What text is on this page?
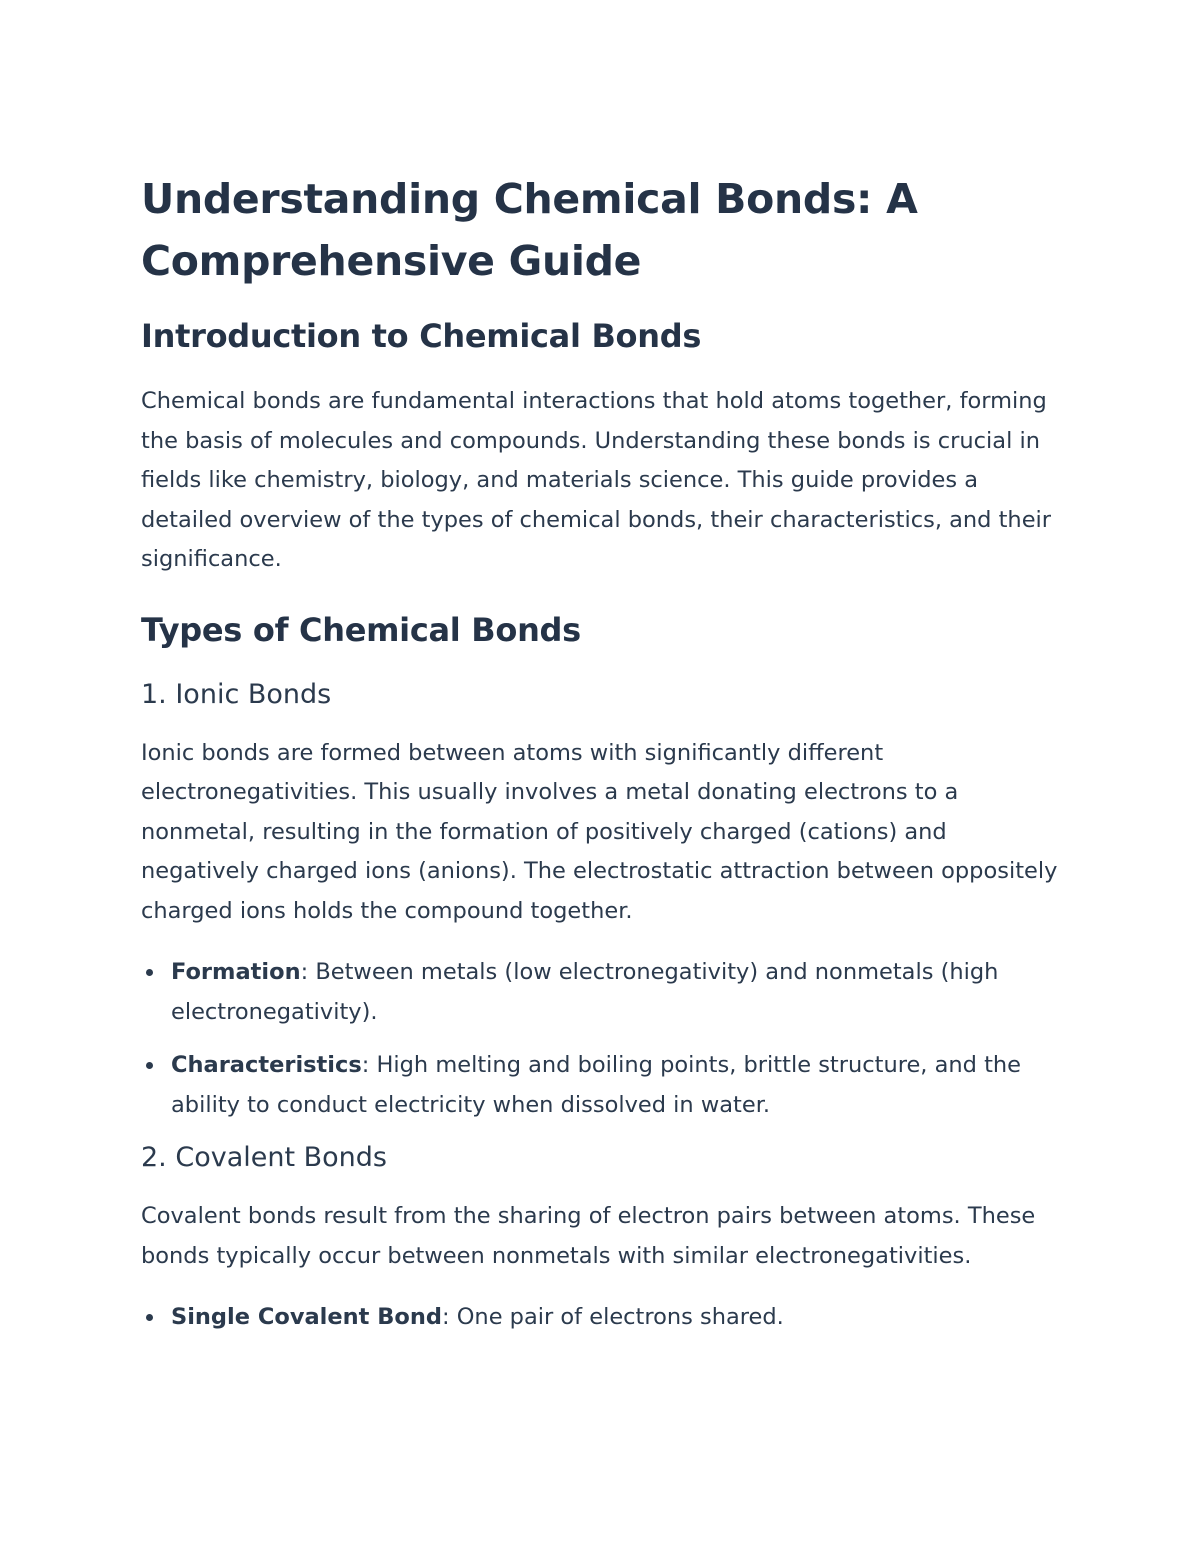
Understanding Chemical Bonds: A Comprehensive Guide
Introduction to Chemical Bonds

Chemical bonds are fundamental interactions that hold atoms together, forming the basis of molecules and compounds. Understanding these bonds is crucial in fields like chemistry, biology, and materials science. This guide provides a detailed overview of the types of chemical bonds, their characteristics, and their significance.

Types of Chemical Bonds
1. Ionic Bonds

Ionic bonds are formed between atoms with significantly different electronegativities. This usually involves a metal donating electrons to a nonmetal, resulting in the formation of positively charged (cations) and negatively charged ions (anions). The electrostatic attraction between oppositely charged ions holds the compound together.

Formation: Between metals (low electronegativity) and nonmetals (high electronegativity).
Characteristics: High melting and boiling points, brittle structure, and the ability to conduct electricity when dissolved in water.
2. Covalent Bonds

Covalent bonds result from the sharing of electron pairs between atoms. These bonds typically occur between nonmetals with similar electronegativities.

Single Covalent Bond: One pair of electrons shared.
